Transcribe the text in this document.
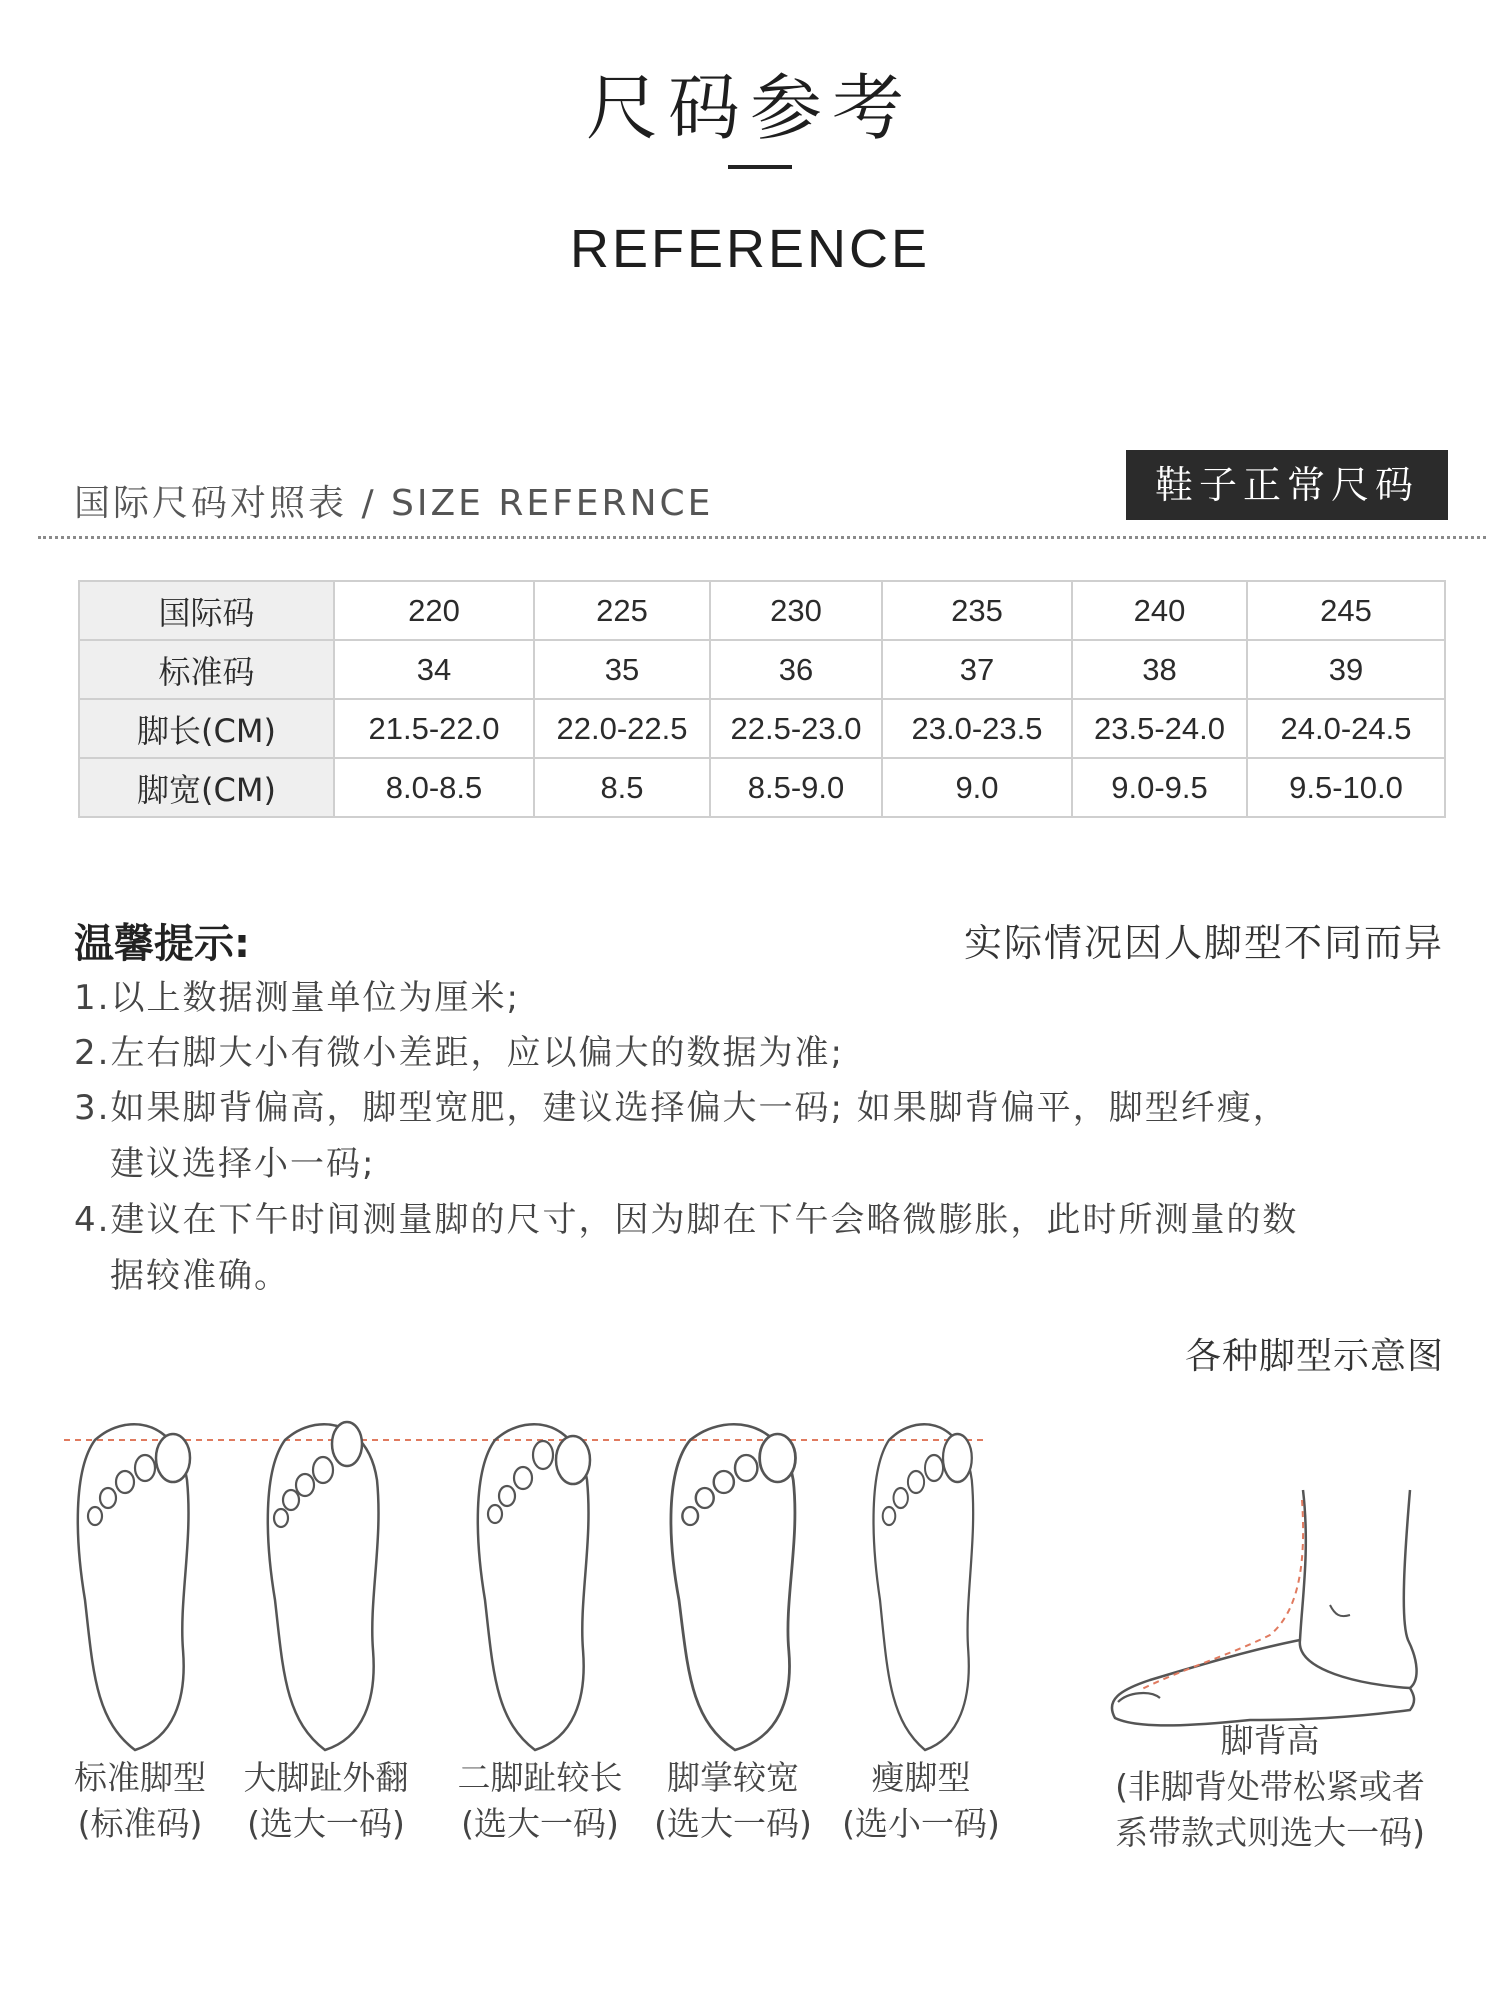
尺码参考
REFERENCE
国际尺码对照表 / SIZE REFERNCE	鞋子正常尺码
国际码	220	225	230	235	240	245
标准码	34	35	36	37	38	39
脚长(CM)	21.5-22.0	22.0-22.5	22.5-23.0	23.0-23.5	23.5-24.0	24.0-24.5
脚宽(CM)	8.0-8.5	8.5	8.5-9.0	9.0	9.0-9.5	9.5-10.0
温馨提示:	实际情况因人脚型不同而异
1.以上数据测量单位为厘米;
2.左右脚大小有微小差距，应以偏大的数据为准;
3.如果脚背偏高，脚型宽肥，建议选择偏大一码; 如果脚背偏平，脚型纤瘦，
建议选择小一码;
4.建议在下午时间测量脚的尺寸，因为脚在下午会略微膨胀，此时所测量的数
据较准确。
各种脚型示意图
标准脚型
(标准码)
大脚趾外翻
(选大一码)
二脚趾较长
(选大一码)
脚掌较宽
(选大一码)
瘦脚型
(选小一码)
脚背高
(非脚背处带松紧或者
系带款式则选大一码)
